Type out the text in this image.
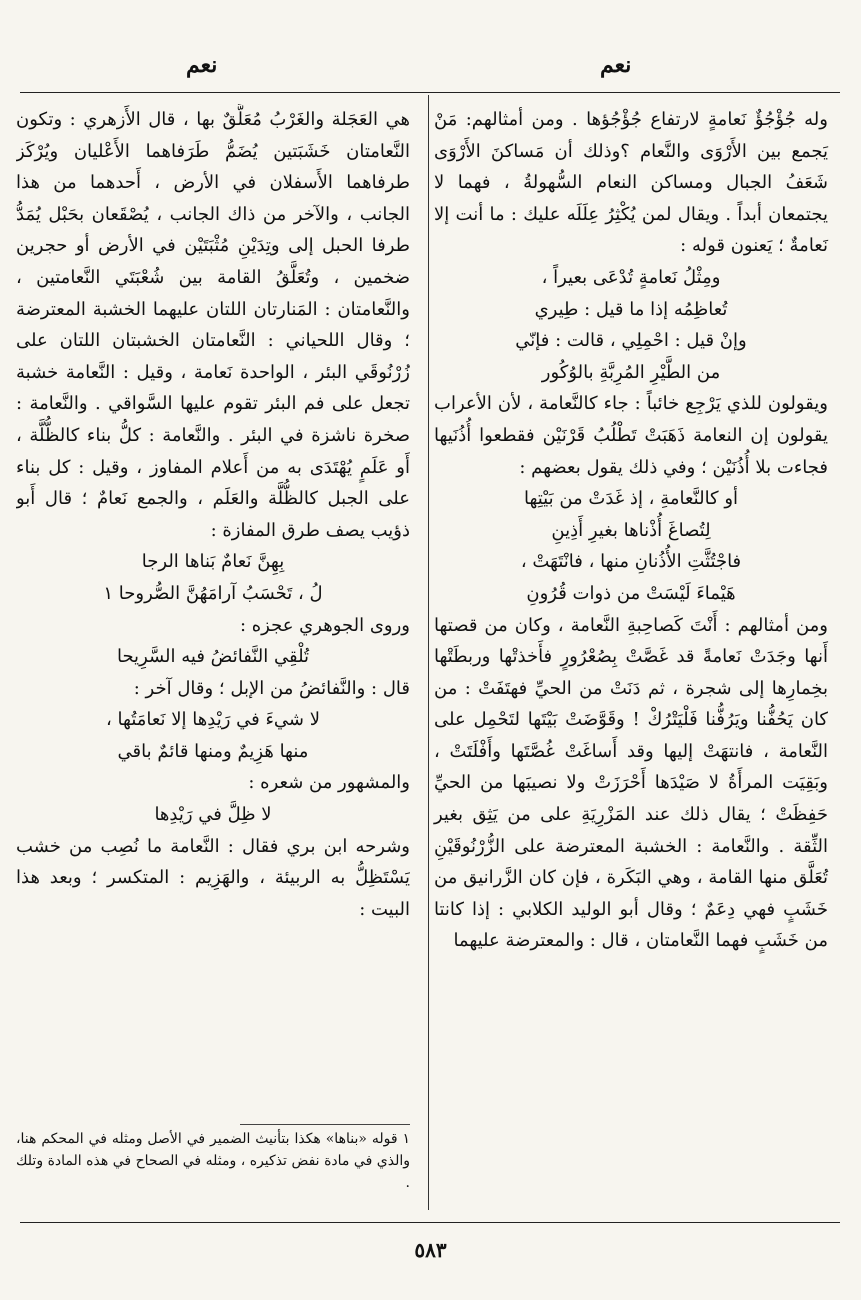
نعم	نعم

وله جُؤْجُؤٌ نَعامةٍ لارتفاع جُؤْجُؤها . ومن أمثالهم: مَنْ يَجمع بين الأَرْوَى والنَّعام ؟وذلك أن مَساكنَ الأَرْوَى شَعَفُ الجبال ومساكن النعام السُّهولةُ ، فهما لا يجتمعان أبداً . ويقال لمن يُكْثِرُ عِلَلَه عليك : ما أنت إلا نَعامةٌ ؛ يَعنون قوله :

ومِثْلُ نَعامةٍ تُدْعَى بعيراً ،

تُعاظِمُه إذا ما قيل : طِيري

وإنْ قيل : احْمِلِي ، قالت : فإنّي

من الطَّيْرِ المُرِبَّةِ بالوُكُور

ويقولون للذي يَرْجِع خائباً : جاء كالنَّعامة ، لأن الأعراب يقولون إن النعامة ذَهَبَتْ تَطْلُبُ قَرْنَيْن فقطعوا أُذُنَيها فجاءت بلا أُذُنَيْن ؛ وفي ذلك يقول بعضهم :

أو كالنَّعامةِ ، إذ غَدَتْ من بَيْتِها

لِتُصاغَ أُذْناها بغيرِ أَذِينِ

فاجْتُثَّتِ الأُذُنانِ منها ، فانْتَهَتْ ،

هَيْماءَ لَيْسَتْ من ذوات قُرُونِ

ومن أمثالهم : أَنْتَ كَصاحِبةِ النَّعامة ، وكان من قصتها أَنها وجَدَتْ نَعامةً قد غَصَّتْ بِصُعْرُورٍ فأَخذتْها وربطَتْها بخِمارِها إلى شجرة ، ثم دَنَتْ من الحيِّ فهتَفَتْ : من كان يَحُفُّنا ويَرُفُّنا فَلْيَتْرُكْ ! وقَوَّضَتْ بَيْتَها لتَحْمِل على النَّعامة ، فانتهَتْ إليها وقد أَساغَتْ غُصَّتَها وأَفْلَتَتْ ، وبَقِيَت المرأَةُ لا صَيْدَها أَحْرَزَتْ ولا نصيبَها من الحيِّ حَفِظَتْ ؛ يقال ذلك عند المَزْرِيَةِ على من يَثِق بغير الثِّقة . والنَّعامة : الخشبة المعترضة على الزُّرْنُوقَيْنِ تُعَلَّق منها القامة ، وهي البَكَرة ، فإن كان الزَّرانيق من خَشَبٍ فهي دِعَمٌ ؛ وقال أبو الوليد الكلابي : إذا كانتا من خَشَبٍ فهما النَّعامتان ، قال : والمعترضة عليهما

هي العَجَلة والغَرْبُ مُعَلَّقٌ بها ، قال الأَزهري : وتكون النَّعامتان خَشَبَتين يُضَمُّ طَرَفاهما الأَعْليان ويُرْكَز طرفاهما الأَسفلان في الأرض ، أَحدهما من هذا الجانب ، والآخر من ذاك الجانب ، يُصْقَعان بحَبْل يُمَدُّ طرفا الحبل إلى وتِدَيْنِ مُثْبَتَيْن في الأرض أو حجرين ضخمين ، وتُعَلَّقُ القامة بين شُعْبَتَي النَّعامتين ، والنَّعامتان : المَنارتان اللتان عليهما الخشبة المعترضة ؛ وقال اللحياني : النَّعامتان الخشبتان اللتان على زُرْنُوقَي البئر ، الواحدة نَعامة ، وقيل : النَّعامة خشبة تجعل على فم البئر تقوم عليها السَّواقي . والنَّعامة : صخرة ناشزة في البئر . والنَّعامة : كلُّ بناء كالظُّلَّة ، أَو عَلَمٍ يُهْتَدَى به من أَعلام المفاوز ، وقيل : كل بناء على الجبل كالظُّلَّة والعَلَم ، والجمع نَعامٌ ؛ قال أَبو ذؤيب يصف طرق المفازة :

بِهِنَّ نَعامٌ بَناها الرجا

لُ ، تَحْسَبُ آرامَهُنَّ الصُّروحا ١

وروى الجوهري عجزه :

تُلْقِي النَّفائضُ فيه السَّرِيحا

قال : والنَّفائضُ من الإبل ؛ وقال آخر :

لا شيءَ في رَيْدِها إلا نَعامَتُها ،

منها هَزِيمٌ ومنها قائمٌ باقي

والمشهور من شعره :

لا ظِلَّ في رَيْدِها

وشرحه ابن بري فقال : النَّعامة ما نُصِب من خشب يَسْتَظِلُّ به الربيئة ، والهَزِيم : المتكسر ؛ وبعد هذا البيت :

١ قوله «بناها» هكذا بتأنيث الضمير في الأصل ومثله في المحكم هنا، والذي في مادة نفض تذكيره ، ومثله في الصحاح في هذه المادة وتلك .
٥٨٣
